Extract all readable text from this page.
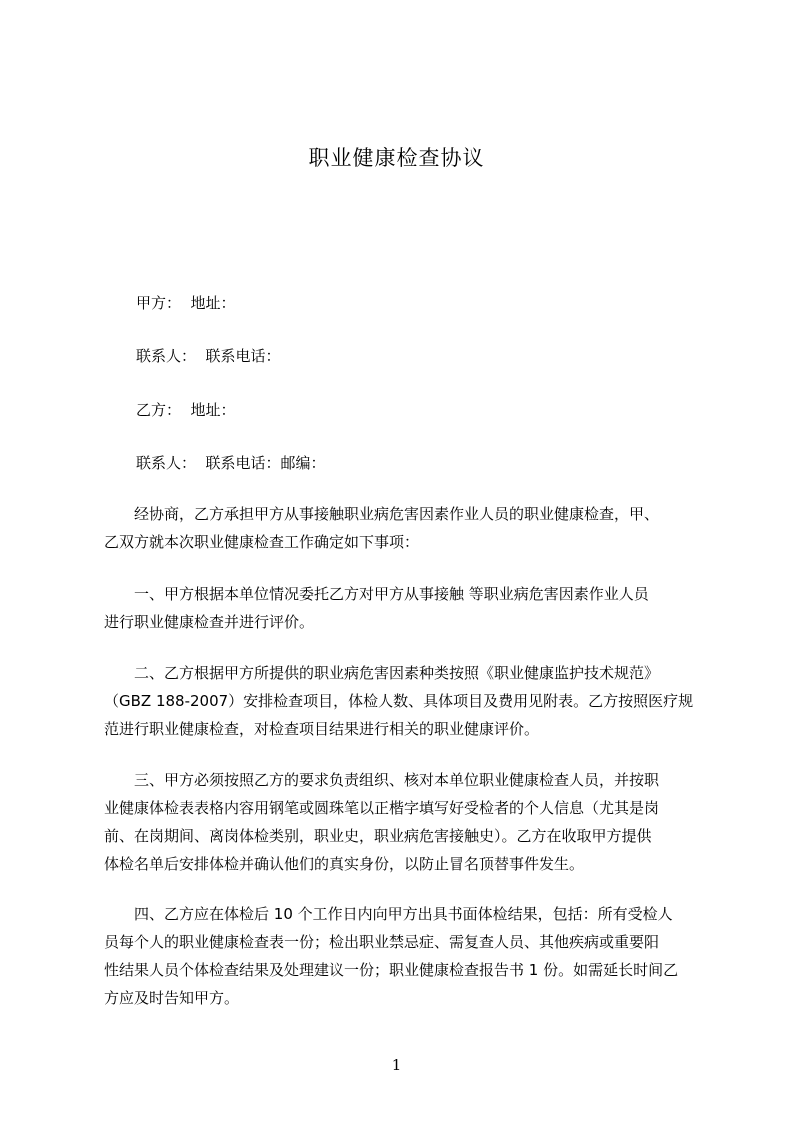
职业健康检查协议
甲方：  地址：
联系人：  联系电话：
乙方：  地址：
联系人：  联系电话：邮编：
　　经协商，乙方承担甲方从事接触职业病危害因素作业人员的职业健康检查，甲、
乙双方就本次职业健康检查工作确定如下事项：
　　一、甲方根据本单位情况委托乙方对甲方从事接触 等职业病危害因素作业人员
进行职业健康检查并进行评价。
　　二、乙方根据甲方所提供的职业病危害因素种类按照《职业健康监护技术规范》
（GBZ 188-2007）安排检查项目，体检人数、具体项目及费用见附表。乙方按照医疗规
范进行职业健康检查，对检查项目结果进行相关的职业健康评价。
　　三、甲方必须按照乙方的要求负责组织、核对本单位职业健康检查人员，并按职
业健康体检表表格内容用钢笔或圆珠笔以正楷字填写好受检者的个人信息（尤其是岗
前、在岗期间、离岗体检类别，职业史，职业病危害接触史）。乙方在收取甲方提供
体检名单后安排体检并确认他们的真实身份，以防止冒名顶替事件发生。
　　四、乙方应在体检后 10 个工作日内向甲方出具书面体检结果，包括：所有受检人
员每个人的职业健康检查表一份；检出职业禁忌症、需复查人员、其他疾病或重要阳
性结果人员个体检查结果及处理建议一份；职业健康检查报告书 1 份。如需延长时间乙
方应及时告知甲方。
1
